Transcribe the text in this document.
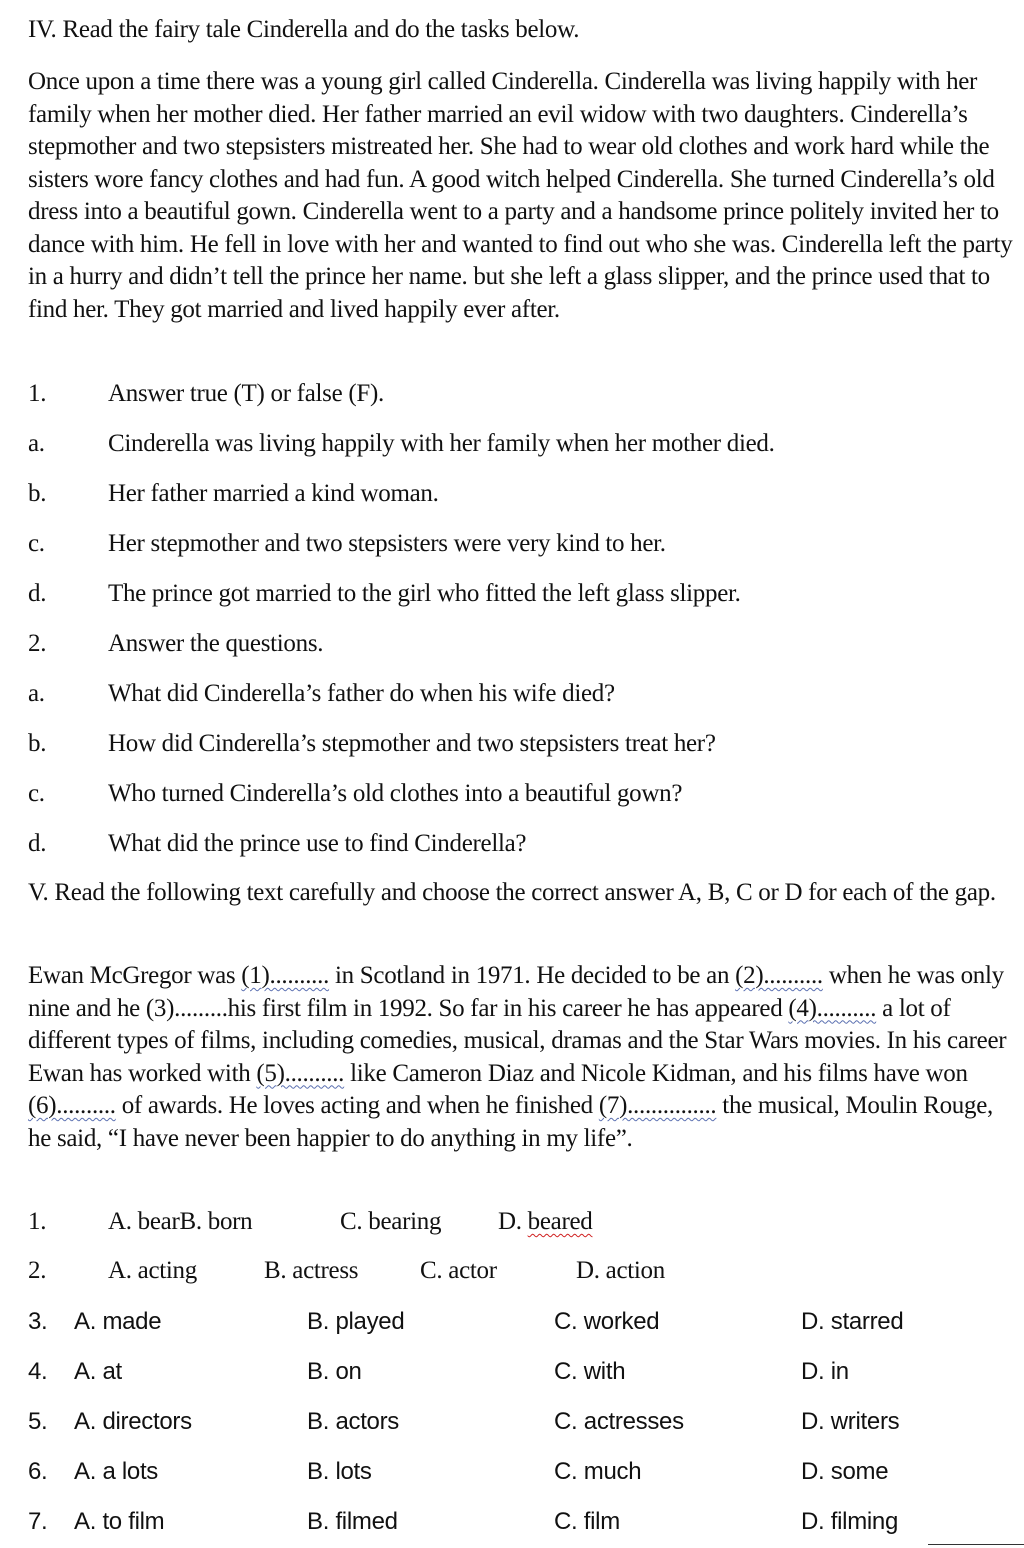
IV. Read the fairy tale Cinderella and do the tasks below.

Once upon a time there was a young girl called Cinderella. Cinderella was living happily with her family when her mother died. Her father married an evil widow with two daughters. Cinderella’s stepmother and two stepsisters mistreated her. She had to wear old clothes and work hard while the sisters wore fancy clothes and had fun. A good witch helped Cinderella. She turned Cinderella’s old dress into a beautiful gown. Cinderella went to a party and a handsome prince politely invited her to dance with him. He fell in love with her and wanted to find out who she was. Cinderella left the party in a hurry and didn’t tell the prince her name. but she left a glass slipper, and the prince used that to find her. They got married and lived happily ever after.

1. Answer true (T) or false (F).
a.	Cinderella was living happily with her family when her mother died.
b. Her father married a kind woman.
c.	Her stepmother and two stepsisters were very kind to her.
d. The prince got married to the girl who fitted the left glass slipper.
2. Answer the questions.
a.	What did Cinderella’s father do when his wife died?
b. How did Cinderella’s stepmother and two stepsisters treat her?
c.	Who turned Cinderella’s old clothes into a beautiful gown?
d. What did the prince use to find Cinderella?

V. Read the following text carefully and choose the correct answer A, B, C or D for each of the gap.

Ewan McGregor was (1).......... in Scotland in 1971. He decided to be an (2).......... when he was only nine and he (3).........his first film in 1992. So far in his career he has appeared (4).......... a lot of different types of films, including comedies, musical, dramas and the Star Wars movies. In his career Ewan has worked with (5).......... like Cameron Diaz and Nicole Kidman, and his films have won (6).......... of awards. He loves acting and when he finished (7)............... the musical, Moulin Rouge, he said, “I have never been happier to do anything in my life”.

1. A. bearB. born	C. bearing D. beared
2. A. acting	B. actress C. actor	D. action
3. A. made	B. played	C. worked	D. starred
4. A. at	B. on	C. with	D. in
5. A. directors	B. actors	C. actresses	D. writers
6. A. a lots	B. lots	C. much	D. some
7. A. to film	B. filmed	C. film	D. filming
